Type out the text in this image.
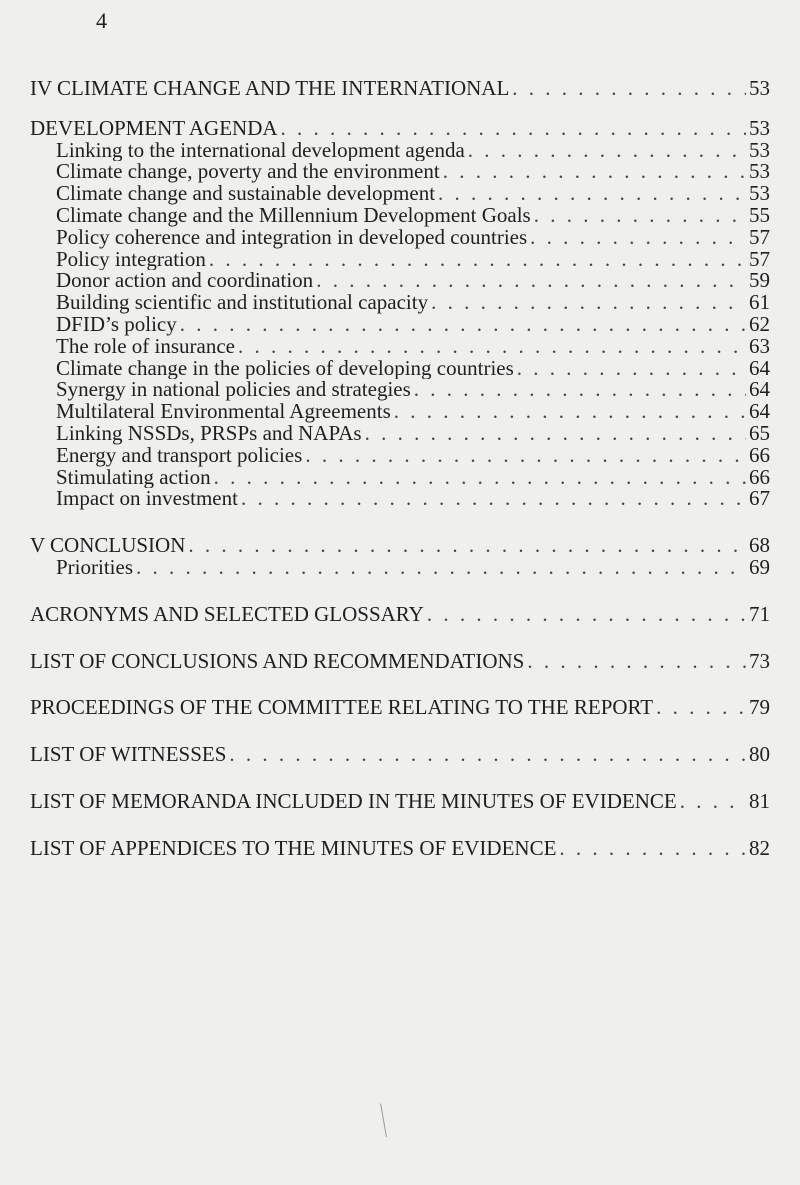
4
IV CLIMATE CHANGE AND THE INTERNATIONAL . . .	53
DEVELOPMENT AGENDA . . .	53
Linking to the international development agenda . . .	53
Climate change, poverty and the environment . . .	53
Climate change and sustainable development . . .	53
Climate change and the Millennium Development Goals . . .	55
Policy coherence and integration in developed countries . . .	57
Policy integration . . .	57
Donor action and coordination . . .	59
Building scientific and institutional capacity . . .	61
DFID’s policy . . .	62
The role of insurance . . .	63
Climate change in the policies of developing countries . . .	64
Synergy in national policies and strategies . . .	64
Multilateral Environmental Agreements . . .	64
Linking NSSDs, PRSPs and NAPAs . . .	65
Energy and transport policies . . .	66
Stimulating action . . .	66
Impact on investment . . .	67
V CONCLUSION . . .	68
Priorities . . .	69
ACRONYMS AND SELECTED GLOSSARY . . .	71
LIST OF CONCLUSIONS AND RECOMMENDATIONS . . .	73
PROCEEDINGS OF THE COMMITTEE RELATING TO THE REPORT . . .	79
LIST OF WITNESSES . . .	80
LIST OF MEMORANDA INCLUDED IN THE MINUTES OF EVIDENCE . . .	81
LIST OF APPENDICES TO THE MINUTES OF EVIDENCE . . .	82
